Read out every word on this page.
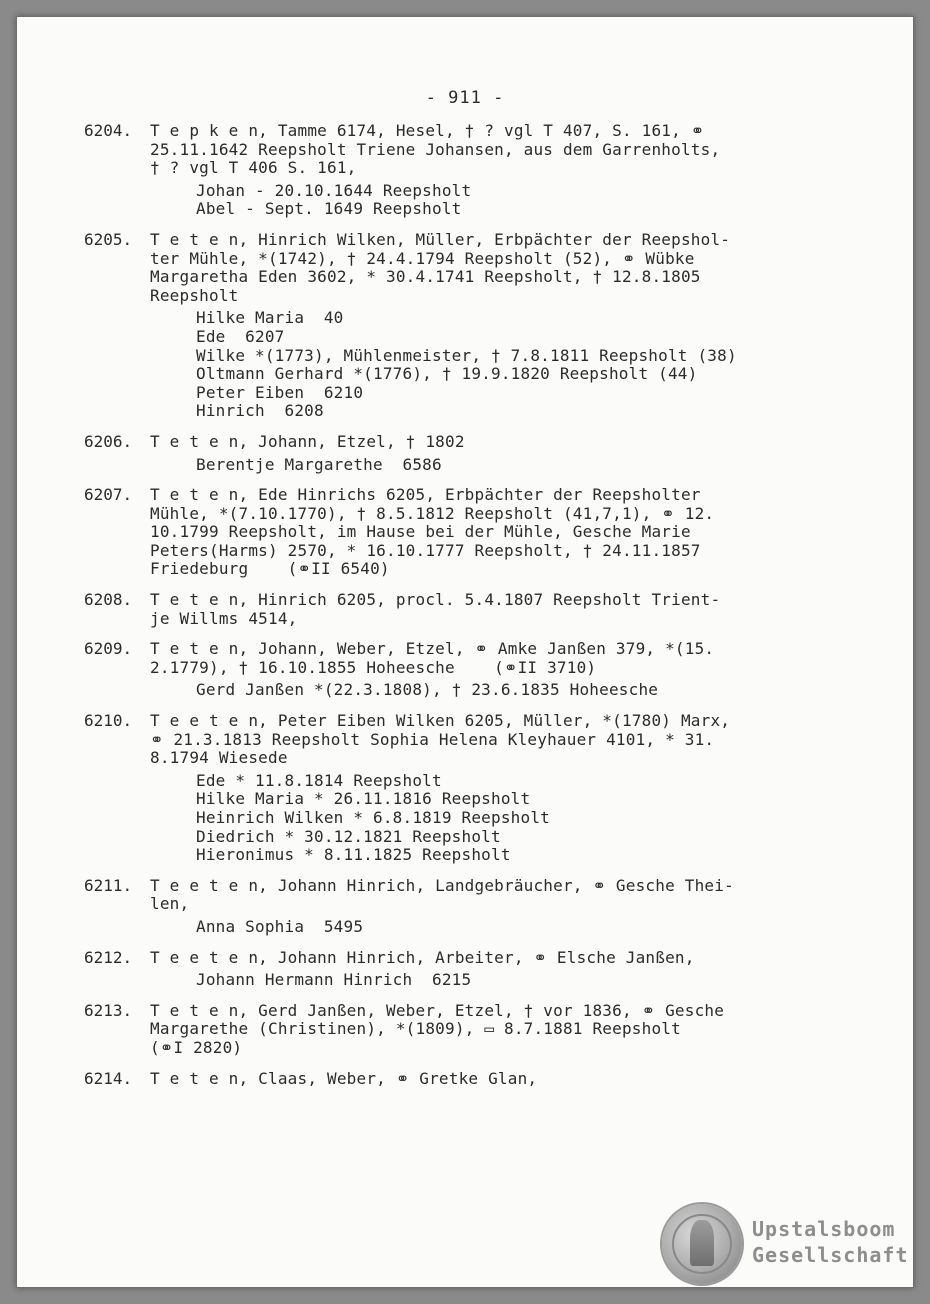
- 911 -
6204.	T e p k e n, Tamme 6174, Hesel, † ? vgl T 407, S. 161, ⚭
25.11.1642 Reepsholt Triene Johansen, aus dem Garrenholts,
† ? vgl T 406 S. 161,
Johan - 20.10.1644 Reepsholt
Abel - Sept. 1649 Reepsholt
6205.	T e t e n, Hinrich Wilken, Müller, Erbpächter der Reepshol-
ter Mühle, *(1742), † 24.4.1794 Reepsholt (52), ⚭ Wübke
Margaretha Eden 3602, * 30.4.1741 Reepsholt, † 12.8.1805
Reepsholt
Hilke Maria  40
Ede  6207
Wilke *(1773), Mühlenmeister, † 7.8.1811 Reepsholt (38)
Oltmann Gerhard *(1776), † 19.9.1820 Reepsholt (44)
Peter Eiben  6210
Hinrich  6208
6206.	T e t e n, Johann, Etzel, † 1802
Berentje Margarethe  6586
6207.	T e t e n, Ede Hinrichs 6205, Erbpächter der Reepsholter
Mühle, *(7.10.1770), † 8.5.1812 Reepsholt (41,7,1), ⚭ 12.
10.1799 Reepsholt, im Hause bei der Mühle, Gesche Marie
Peters(Harms) 2570, * 16.10.1777 Reepsholt, † 24.11.1857
Friedeburg    (⚭II 6540)
6208.	T e t e n, Hinrich 6205, procl. 5.4.1807 Reepsholt Trient-
je Willms 4514,
6209.	T e t e n, Johann, Weber, Etzel, ⚭ Amke Janßen 379, *(15.
2.1779), † 16.10.1855 Hoheesche    (⚭II 3710)
Gerd Janßen *(22.3.1808), † 23.6.1835 Hoheesche
6210.	T e e t e n, Peter Eiben Wilken 6205, Müller, *(1780) Marx,
⚭ 21.3.1813 Reepsholt Sophia Helena Kleyhauer 4101, * 31.
8.1794 Wiesede
Ede * 11.8.1814 Reepsholt
Hilke Maria * 26.11.1816 Reepsholt
Heinrich Wilken * 6.8.1819 Reepsholt
Diedrich * 30.12.1821 Reepsholt
Hieronimus * 8.11.1825 Reepsholt
6211.	T e e t e n, Johann Hinrich, Landgebräucher, ⚭ Gesche Thei-
len,
Anna Sophia  5495
6212.	T e e t e n, Johann Hinrich, Arbeiter, ⚭ Elsche Janßen,
Johann Hermann Hinrich  6215
6213.	T e t e n, Gerd Janßen, Weber, Etzel, † vor 1836, ⚭ Gesche
Margarethe (Christinen), *(1809), ▭ 8.7.1881 Reepsholt
(⚭I 2820)
6214.	T e t e n, Claas, Weber, ⚭ Gretke Glan,
Upstalsboom
Gesellschaft
